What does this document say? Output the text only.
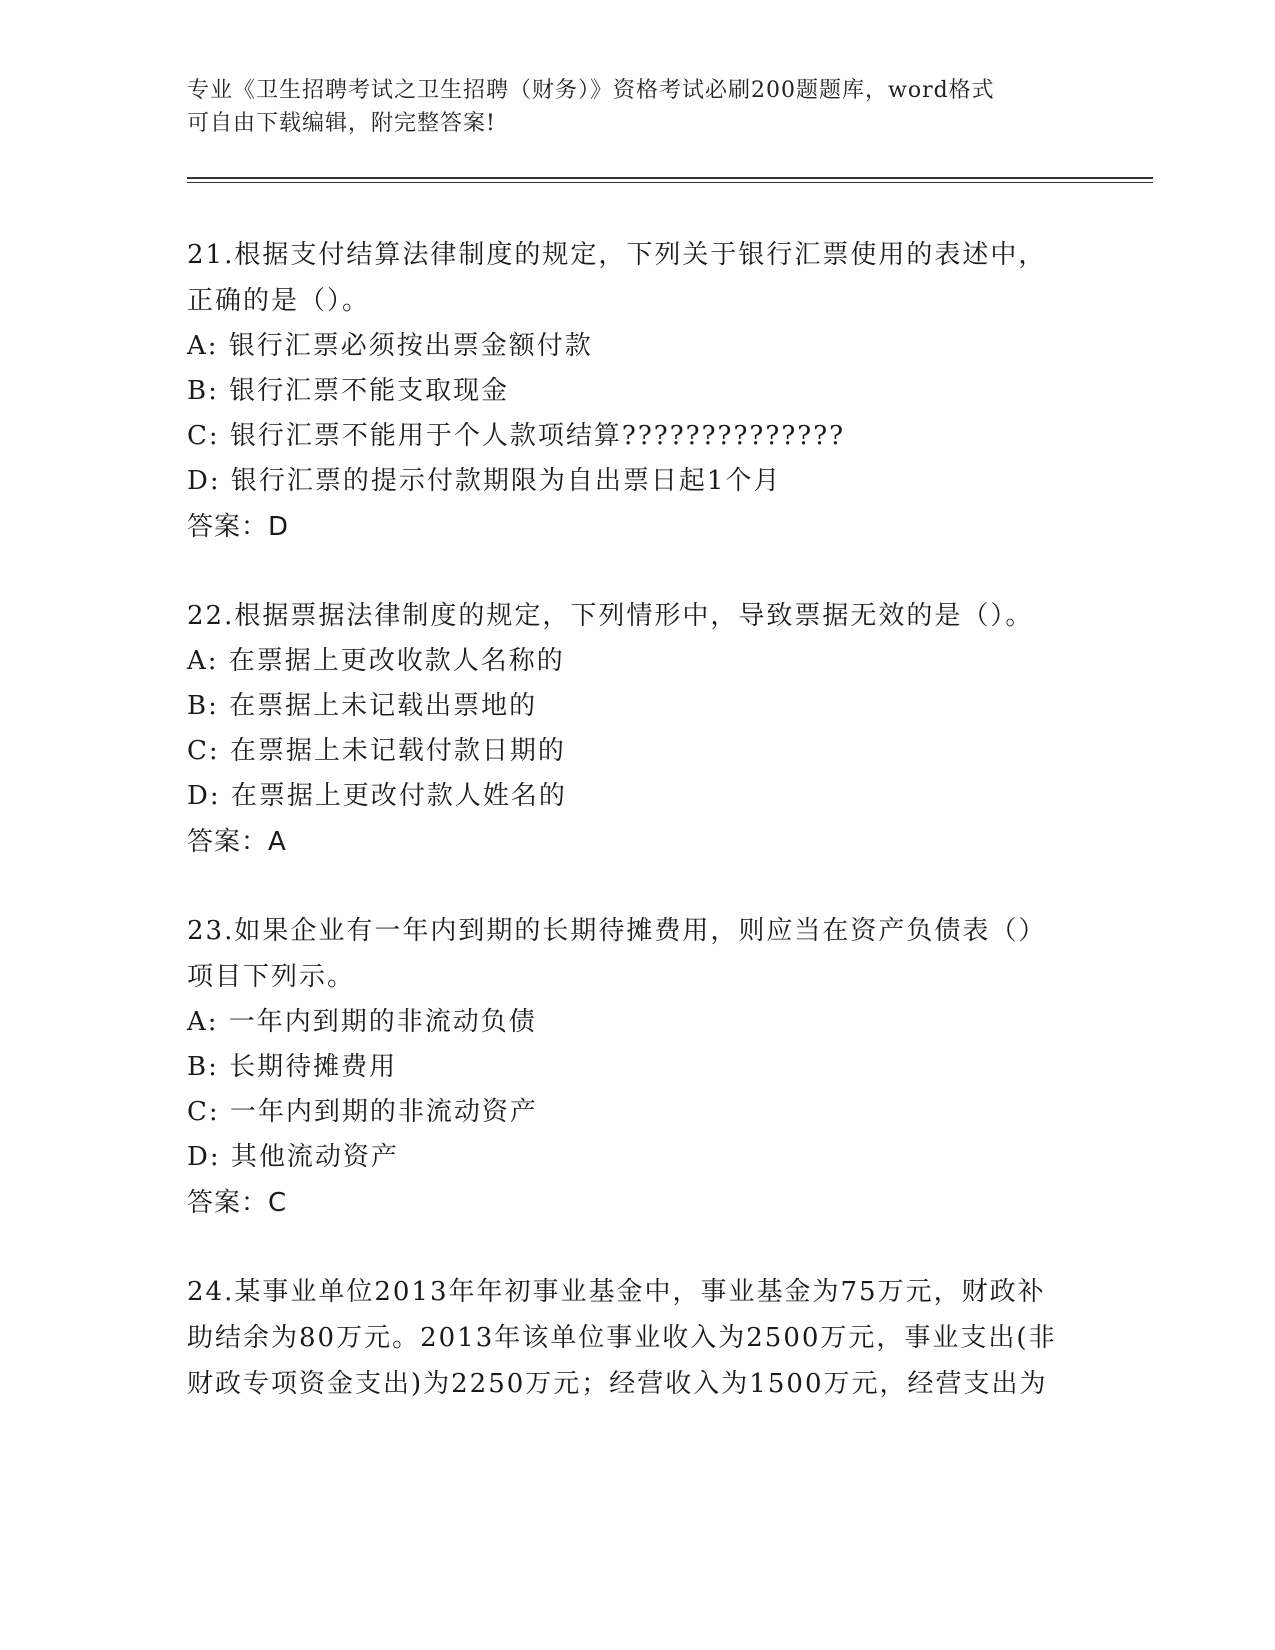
专业《卫生招聘考试之卫生招聘（财务）》资格考试必刷200题题库，word格式
可自由下载编辑，附完整答案!

21.根据支付结算法律制度的规定，下列关于银行汇票使用的表述中，

正确的是（）。

A: 银行汇票必须按出票金额付款

B: 银行汇票不能支取现金

C: 银行汇票不能用于个人款项结算??????????????

D: 银行汇票的提示付款期限为自出票日起1个月

答案：D

22.根据票据法律制度的规定，下列情形中，导致票据无效的是（）。

A: 在票据上更改收款人名称的

B: 在票据上未记载出票地的

C: 在票据上未记载付款日期的

D: 在票据上更改付款人姓名的

答案：A

23.如果企业有一年内到期的长期待摊费用，则应当在资产负债表（）

项目下列示。

A: 一年内到期的非流动负债

B: 长期待摊费用

C: 一年内到期的非流动资产

D: 其他流动资产

答案：C

24.某事业单位2013年年初事业基金中，事业基金为75万元，财政补

助结余为80万元。2013年该单位事业收入为2500万元，事业支出(非

财政专项资金支出)为2250万元；经营收入为1500万元，经营支出为
